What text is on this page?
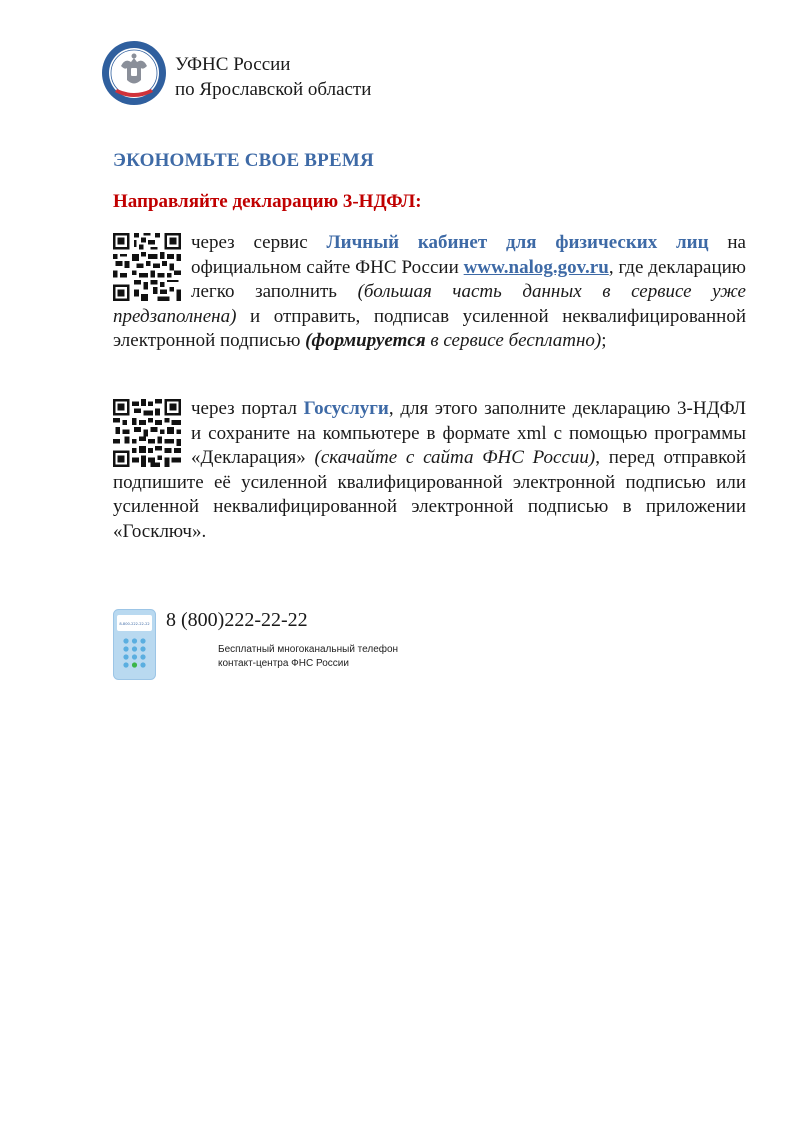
УФНС России
по Ярославской области
ЭКОНОМЬТЕ СВОЕ ВРЕМЯ
Направляйте декларацию 3-НДФЛ:
через сервис Личный кабинет для физических лиц на официальном сайте ФНС России www.nalog.gov.ru, где декларацию легко заполнить (большая часть данных в сервисе уже предзаполнена) и отправить, подписав усиленной неквалифицированной электронной подписью (формируется в сервисе бесплатно);
через портал Госуслуги, для этого заполните декларацию 3-НДФЛ и сохраните на компьютере в формате xml с помощью программы «Декларация» (скачайте с сайта ФНС России), перед отправкой подпишите её усиленной квалифицированной электронной подписью или усиленной неквалифицированной электронной подписью в приложении «Госключ».
8-800-222-22-22 8 (800)222-22-22
Бесплатный многоканальный телефон
контакт-центра ФНС России
